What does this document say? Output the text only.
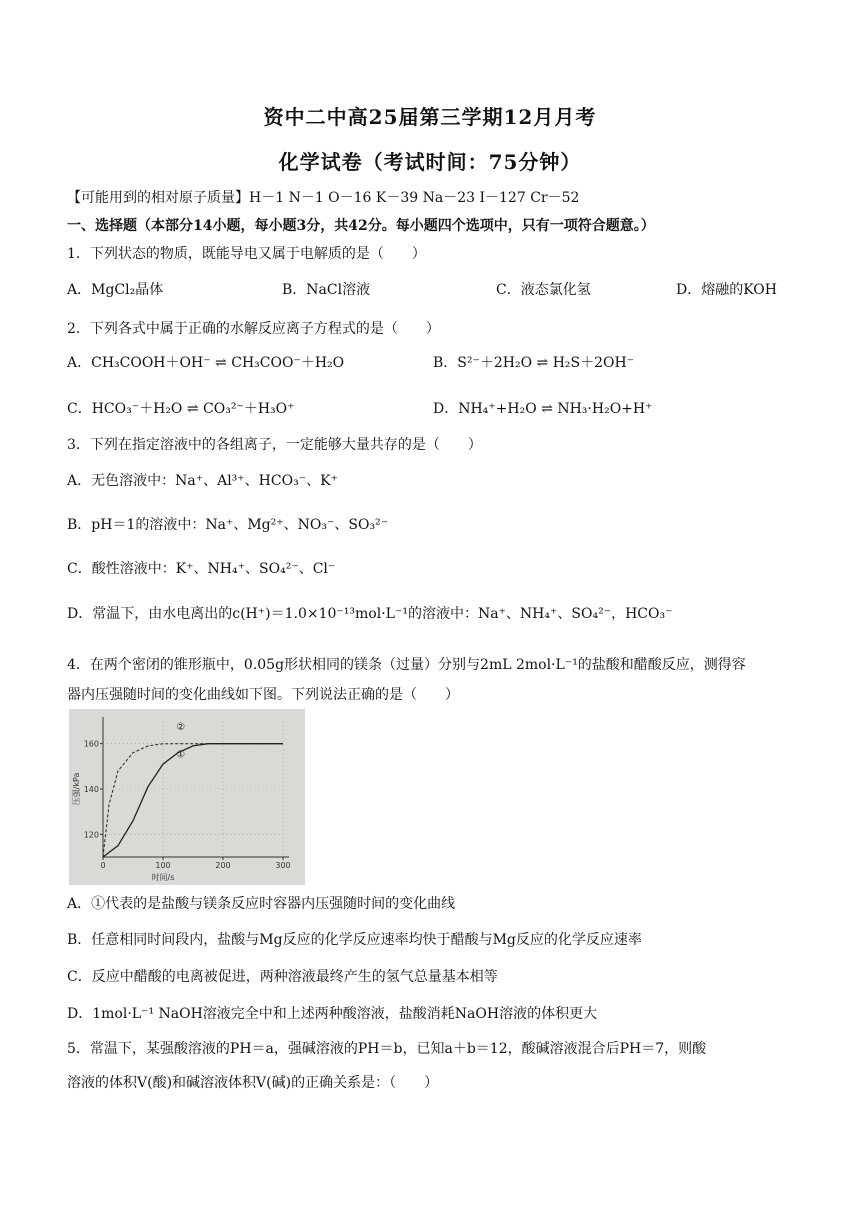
资中二中高25届第三学期12月月考
化学试卷（考试时间：75分钟）
【可能用到的相对原子质量】H－1 N－1 O－16 K－39 Na－23 I－127 Cr－52
一、选择题（本部分14小题，每小题3分，共42分。每小题四个选项中，只有一项符合题意。）
1．下列状态的物质，既能导电又属于电解质的是（　　）
A．MgCl₂晶体	B．NaCl溶液	C．液态氯化氢	D．熔融的KOH
2．下列各式中属于正确的水解反应离子方程式的是（　　）
A．CH₃COOH＋OH⁻ ⇌ CH₃COO⁻＋H₂O	B．S²⁻＋2H₂O ⇌ H₂S＋2OH⁻
C．HCO₃⁻＋H₂O ⇌ CO₃²⁻＋H₃O⁺	D．NH₄⁺+H₂O ⇌ NH₃·H₂O+H⁺
3．下列在指定溶液中的各组离子，一定能够大量共存的是（　　）
A．无色溶液中：Na⁺、Al³⁺、HCO₃⁻、K⁺
B．pH＝1的溶液中：Na⁺、Mg²⁺、NO₃⁻、SO₃²⁻
C．酸性溶液中：K⁺、NH₄⁺、SO₄²⁻、Cl⁻
D．常温下，由水电离出的c(H⁺)＝1.0×10⁻¹³mol·L⁻¹的溶液中：Na⁺、NH₄⁺、SO₄²⁻，HCO₃⁻
4．在两个密闭的锥形瓶中，0.05g形状相同的镁条（过量）分别与2mL 2mol·L⁻¹的盐酸和醋酸反应，测得容
器内压强随时间的变化曲线如下图。下列说法正确的是（　　）
120
140
160
0	100	200	300
时间/s
压强/kPa
②
①
A．①代表的是盐酸与镁条反应时容器内压强随时间的变化曲线
B．任意相同时间段内，盐酸与Mg反应的化学反应速率均快于醋酸与Mg反应的化学反应速率
C．反应中醋酸的电离被促进，两种溶液最终产生的氢气总量基本相等
D．1mol·L⁻¹ NaOH溶液完全中和上述两种酸溶液，盐酸消耗NaOH溶液的体积更大
5．常温下，某强酸溶液的PH＝a，强碱溶液的PH＝b，已知a＋b＝12，酸碱溶液混合后PH＝7，则酸
溶液的体积V(酸)和碱溶液体积V(碱)的正确关系是：（　　）
